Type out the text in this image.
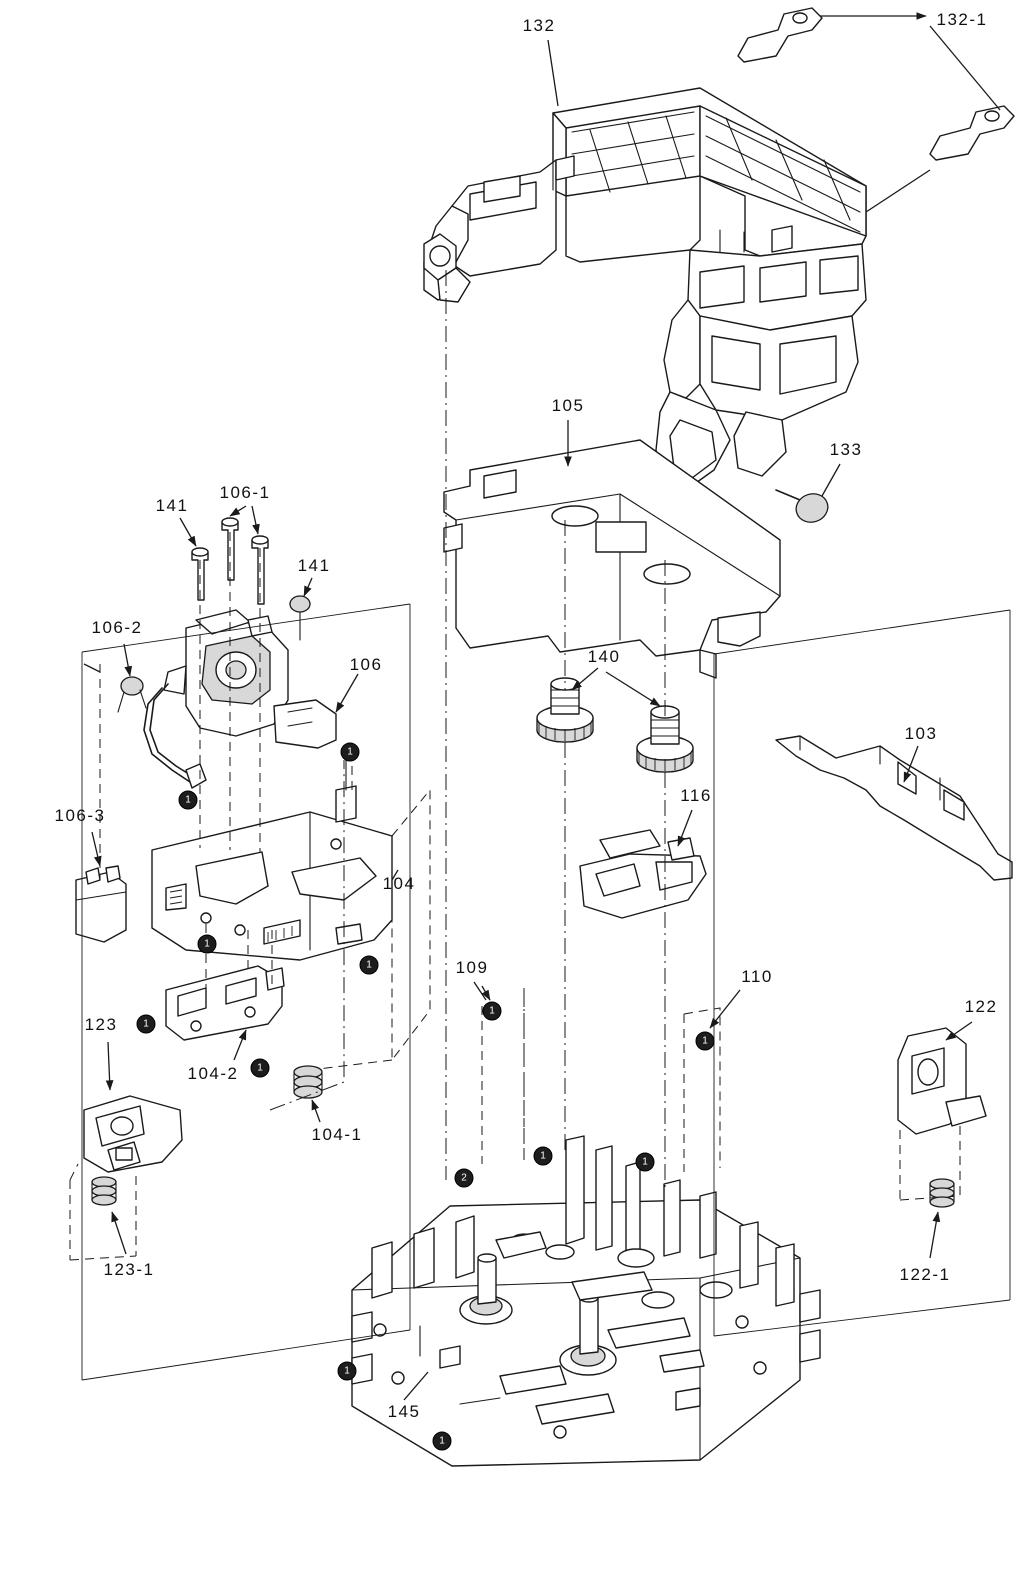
132	132-1
105
133
141
106-1
141
106-2
106	140
103
116
106-3
104
109	110
122
123
104-2
104-1
123-1	122-1
145
1
1
1
1
1
1
1
1
1
1
2
1
1
